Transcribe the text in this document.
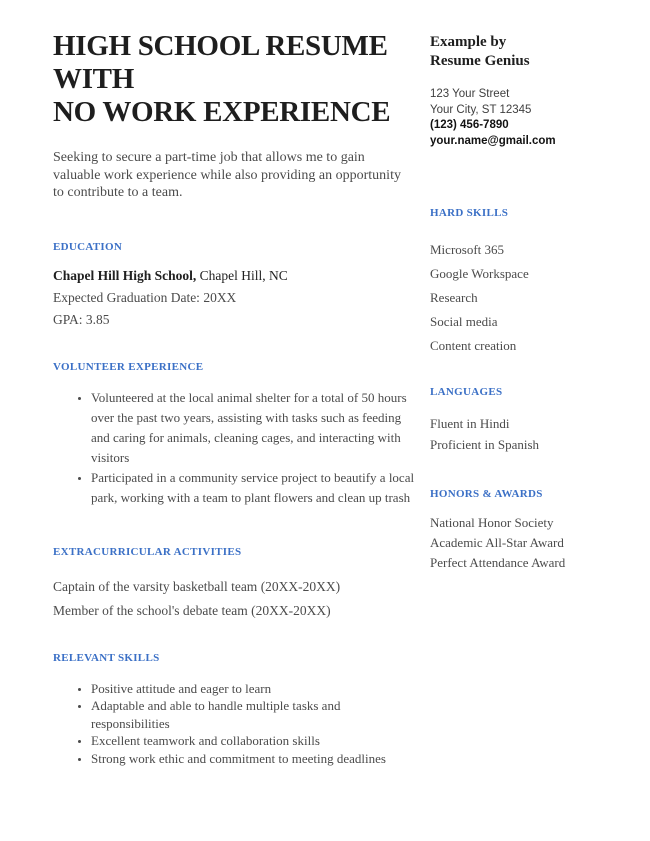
HIGH SCHOOL RESUME WITH
NO WORK EXPERIENCE

Seeking to secure a part-time job that allows me to gain valuable work experience while also providing an opportunity to contribute to a team.

EDUCATION
Chapel Hill High School, Chapel Hill, NC
Expected Graduation Date: 20XX
GPA: 3.85
VOLUNTEER EXPERIENCE
• Volunteered at the local animal shelter for a total of 50 hours over the past two years, assisting with tasks such as feeding and caring for animals, cleaning cages, and interacting with visitors
• Participated in a community service project to beautify a local park, working with a team to plant flowers and clean up trash
EXTRACURRICULAR ACTIVITIES
Captain of the varsity basketball team (20XX-20XX)
Member of the school's debate team (20XX-20XX)
RELEVANT SKILLS
• Positive attitude and eager to learn
• Adaptable and able to handle multiple tasks and responsibilities
• Excellent teamwork and collaboration skills
• Strong work ethic and commitment to meeting deadlines
Example by
Resume Genius
123 Your Street
Your City, ST 12345
(123) 456-7890
your.name@gmail.com
HARD SKILLS
Microsoft 365
Google Workspace
Research
Social media
Content creation
LANGUAGES
Fluent in Hindi
Proficient in Spanish
HONORS & AWARDS
National Honor Society
Academic All-Star Award
Perfect Attendance Award
